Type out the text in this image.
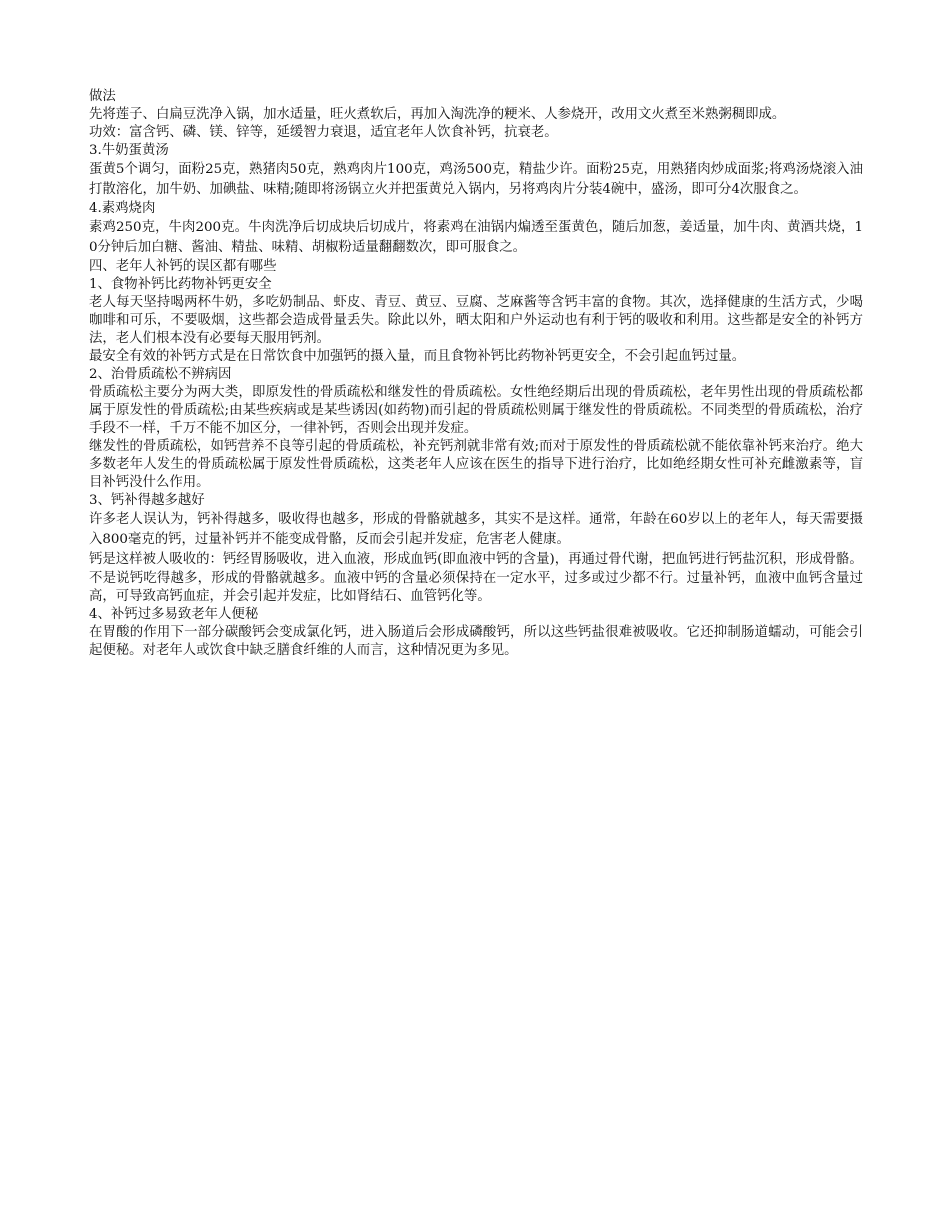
做法

先将莲子、白扁豆洗净入锅，加水适量，旺火煮软后，再加入淘洗净的粳米、人参烧开，改用文火煮至米熟粥稠即成。

功效：富含钙、磷、镁、锌等，延缓智力衰退，适宜老年人饮食补钙，抗衰老。

3.牛奶蛋黄汤

蛋黄5个调匀，面粉25克，熟猪肉50克，熟鸡肉片100克，鸡汤500克，精盐少许。面粉25克，用熟猪肉炒成面浆;将鸡汤烧滚入油打散溶化，加牛奶、加碘盐、味精;随即将汤锅立火并把蛋黄兑入锅内，另将鸡肉片分装4碗中，盛汤，即可分4次服食之。

4.素鸡烧肉

素鸡250克，牛肉200克。牛肉洗净后切成块后切成片，将素鸡在油锅内煸透至蛋黄色，随后加葱，姜适量，加牛肉、黄酒共烧，10分钟后加白糖、酱油、精盐、味精、胡椒粉适量翻翻数次，即可服食之。

四、老年人补钙的误区都有哪些

1、食物补钙比药物补钙更安全

老人每天坚持喝两杯牛奶，多吃奶制品、虾皮、青豆、黄豆、豆腐、芝麻酱等含钙丰富的食物。其次，选择健康的生活方式，少喝咖啡和可乐，不要吸烟，这些都会造成骨量丢失。除此以外，晒太阳和户外运动也有利于钙的吸收和利用。这些都是安全的补钙方法，老人们根本没有必要每天服用钙剂。

最安全有效的补钙方式是在日常饮食中加强钙的摄入量，而且食物补钙比药物补钙更安全，不会引起血钙过量。

2、治骨质疏松不辨病因

骨质疏松主要分为两大类，即原发性的骨质疏松和继发性的骨质疏松。女性绝经期后出现的骨质疏松，老年男性出现的骨质疏松都属于原发性的骨质疏松;由某些疾病或是某些诱因(如药物)而引起的骨质疏松则属于继发性的骨质疏松。不同类型的骨质疏松，治疗手段不一样，千万不能不加区分，一律补钙，否则会出现并发症。

继发性的骨质疏松，如钙营养不良等引起的骨质疏松，补充钙剂就非常有效;而对于原发性的骨质疏松就不能依靠补钙来治疗。绝大多数老年人发生的骨质疏松属于原发性骨质疏松，这类老年人应该在医生的指导下进行治疗，比如绝经期女性可补充雌激素等，盲目补钙没什么作用。

3、钙补得越多越好

许多老人误认为，钙补得越多，吸收得也越多，形成的骨骼就越多，其实不是这样。通常，年龄在60岁以上的老年人，每天需要摄入800毫克的钙，过量补钙并不能变成骨骼，反而会引起并发症，危害老人健康。

钙是这样被人吸收的：钙经胃肠吸收，进入血液，形成血钙(即血液中钙的含量)，再通过骨代谢，把血钙进行钙盐沉积，形成骨骼。

不是说钙吃得越多，形成的骨骼就越多。血液中钙的含量必须保持在一定水平，过多或过少都不行。过量补钙，血液中血钙含量过高，可导致高钙血症，并会引起并发症，比如肾结石、血管钙化等。

4、补钙过多易致老年人便秘

在胃酸的作用下一部分碳酸钙会变成氯化钙，进入肠道后会形成磷酸钙，所以这些钙盐很难被吸收。它还抑制肠道蠕动，可能会引起便秘。对老年人或饮食中缺乏膳食纤维的人而言，这种情况更为多见。
